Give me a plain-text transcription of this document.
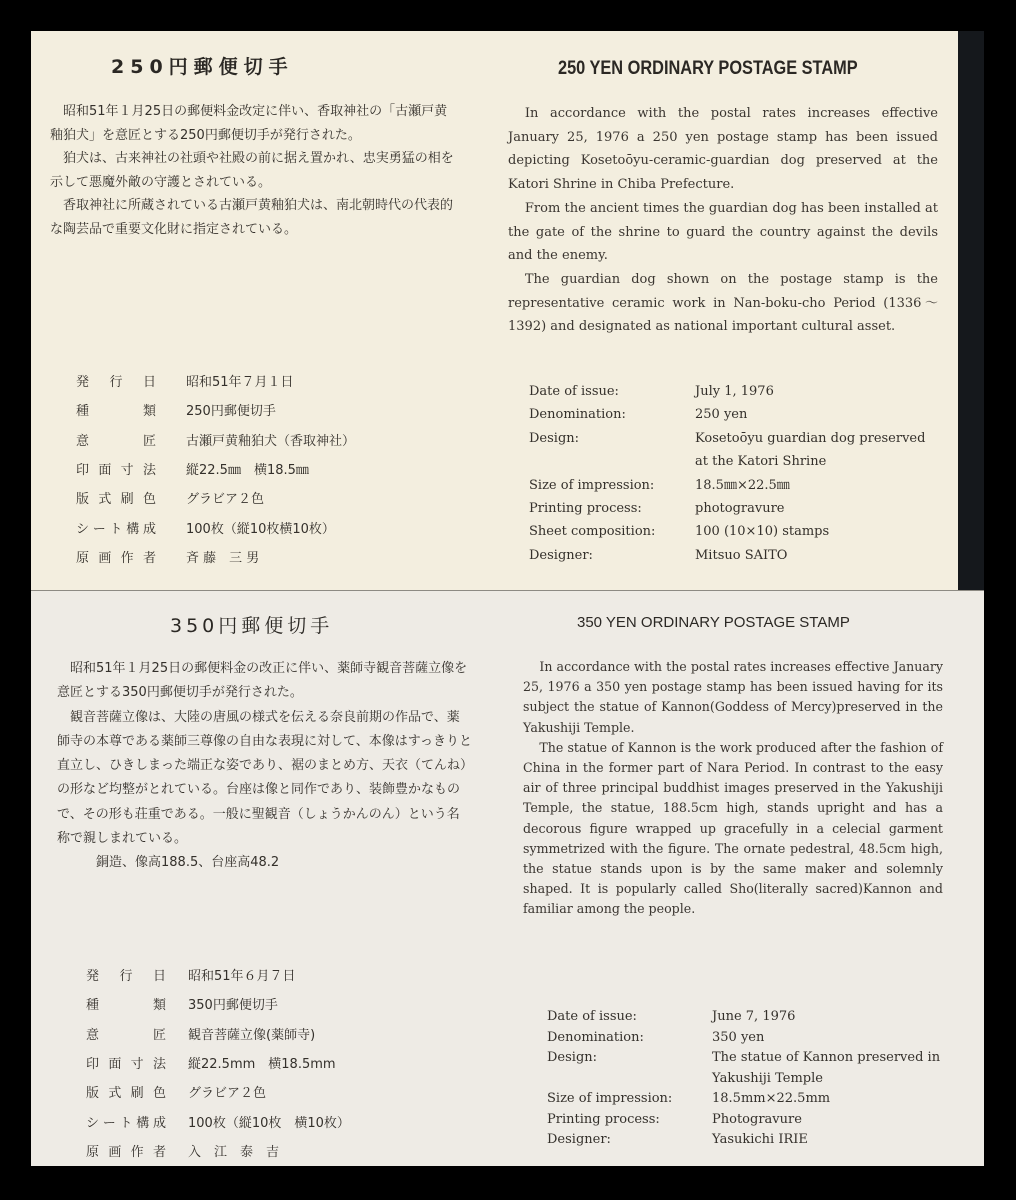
250円郵便切手

昭和51年１月25日の郵便料金改定に伴い、香取神社の「古瀬戸黄釉狛犬」を意匠とする250円郵便切手が発行された。

狛犬は、古来神社の社頭や社殿の前に据え置かれ、忠実勇猛の相を示して悪魔外敵の守護とされている。

香取神社に所蔵されている古瀬戸黄釉狛犬は、南北朝時代の代表的な陶芸品で重要文化財に指定されている。

発行日 昭和51年７月１日
種類 250円郵便切手
意匠 古瀬戸黄釉狛犬（香取神社）
印面寸法 縦22.5㎜　横18.5㎜
版式刷色 グラビア２色
シート構成 100枚（縦10枚横10枚）
原画作者 斉 藤　三 男
250 YEN ORDINARY POSTAGE STAMP

In accordance with the postal rates increases effective January 25, 1976 a 250 yen postage stamp has been issued depicting Kosetoōyu-ceramic-guardian dog preserved at the Katori Shrine in Chiba Prefecture.

From the ancient times the guardian dog has been installed at the gate of the shrine to guard the country against the devils and the enemy.

The guardian dog shown on the postage stamp is the representative ceramic work in Nan-boku-cho Period (1336～1392) and designated as national important cultural asset.

Date of issue:	July 1, 1976
Denomination:	250 yen
Design:	Kosetoōyu guardian dog preserved at the Katori Shrine
Size of impression:	18.5㎜×22.5㎜
Printing process:	photogravure
Sheet composition:	100 (10×10) stamps
Designer:	Mitsuo SAITO
350円郵便切手

昭和51年１月25日の郵便料金の改正に伴い、薬師寺観音菩薩立像を意匠とする350円郵便切手が発行された。

観音菩薩立像は、大陸の唐風の様式を伝える奈良前期の作品で、薬師寺の本尊である薬師三尊像の自由な表現に対して、本像はすっきりと直立し、ひきしまった端正な姿であり、裾のまとめ方、天衣（てんね）の形など均整がとれている。台座は像と同作であり、装飾豊かなもので、その形も荘重である。一般に聖観音（しょうかんのん）という名称で親しまれている。

銅造、像高188.5、台座高48.2

発行日 昭和51年６月７日
種類 350円郵便切手
意匠 観音菩薩立像(薬師寺)
印面寸法 縦22.5mm　横18.5mm
版式刷色 グラビア２色
シート構成 100枚（縦10枚　横10枚）
原画作者 入　江　泰　吉
350 YEN ORDINARY POSTAGE STAMP

In accordance with the postal rates increases effective January 25, 1976 a 350 yen postage stamp has been issued having for its subject the statue of Kannon(Goddess of Mercy)preserved in the Yakushiji Temple.

The statue of Kannon is the work produced after the fashion of China in the former part of Nara Period. In contrast to the easy air of three principal buddhist images preserved in the Yakushiji Temple, the statue, 188.5cm high, stands upright and has a decorous figure wrapped up gracefully in a celecial garment symmetrized with the figure. The ornate pedestral, 48.5cm high, the statue stands upon is by the same maker and solemnly shaped. It is popularly called Sho(literally sacred)Kannon and familiar among the people.

Date of issue:	June 7, 1976
Denomination:	350 yen
Design:	The statue of Kannon preserved in Yakushiji Temple
Size of impression:	18.5mm×22.5mm
Printing process:	Photogravure
Designer:	Yasukichi IRIE
